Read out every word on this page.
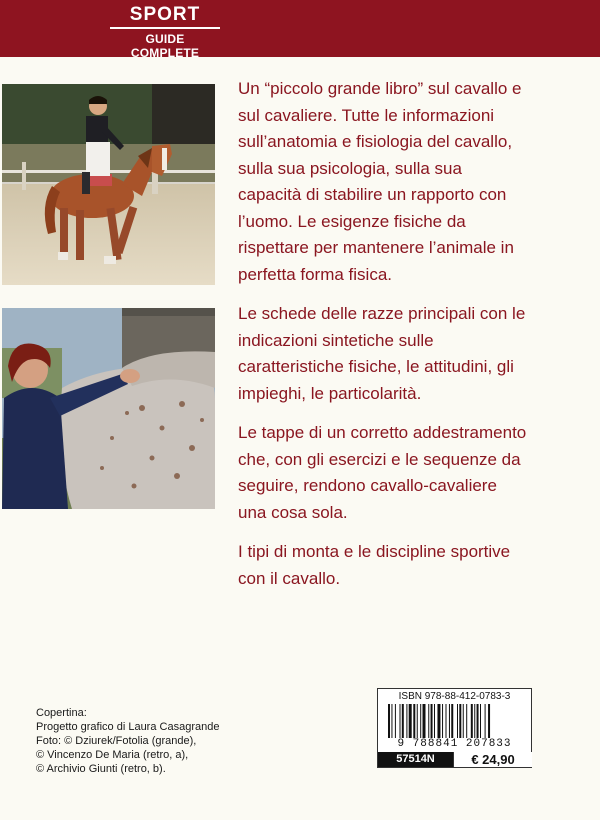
SPORT
GUIDE COMPLETE

Un “piccolo grande libro” sul cavallo e sul cavaliere. Tutte le informazioni sull’anatomia e fisiologia del cavallo, sulla sua psicologia, sulla sua capacità di stabilire un rapporto con l’uomo. Le esigenze fisiche da rispettare per mantenere l’animale in perfetta forma fisica.

Le schede delle razze principali con le indicazioni sintetiche sulle caratteristiche fisiche, le attitudini, gli impieghi, le particolarità.

Le tappe di un corretto addestramento che, con gli esercizi e le sequenze da seguire, rendono cavallo-cavaliere una cosa sola.

I tipi di monta e le discipline sportive con il cavallo.

Copertina:
Progetto grafico di Laura Casagrande
Foto: © Dziurek/Fotolia (grande),
© Vincenzo De Maria (retro, a),
© Archivio Giunti (retro, b).
ISBN 978-88-412-0783-3
9 788841 207833
57514N	€ 24,90
